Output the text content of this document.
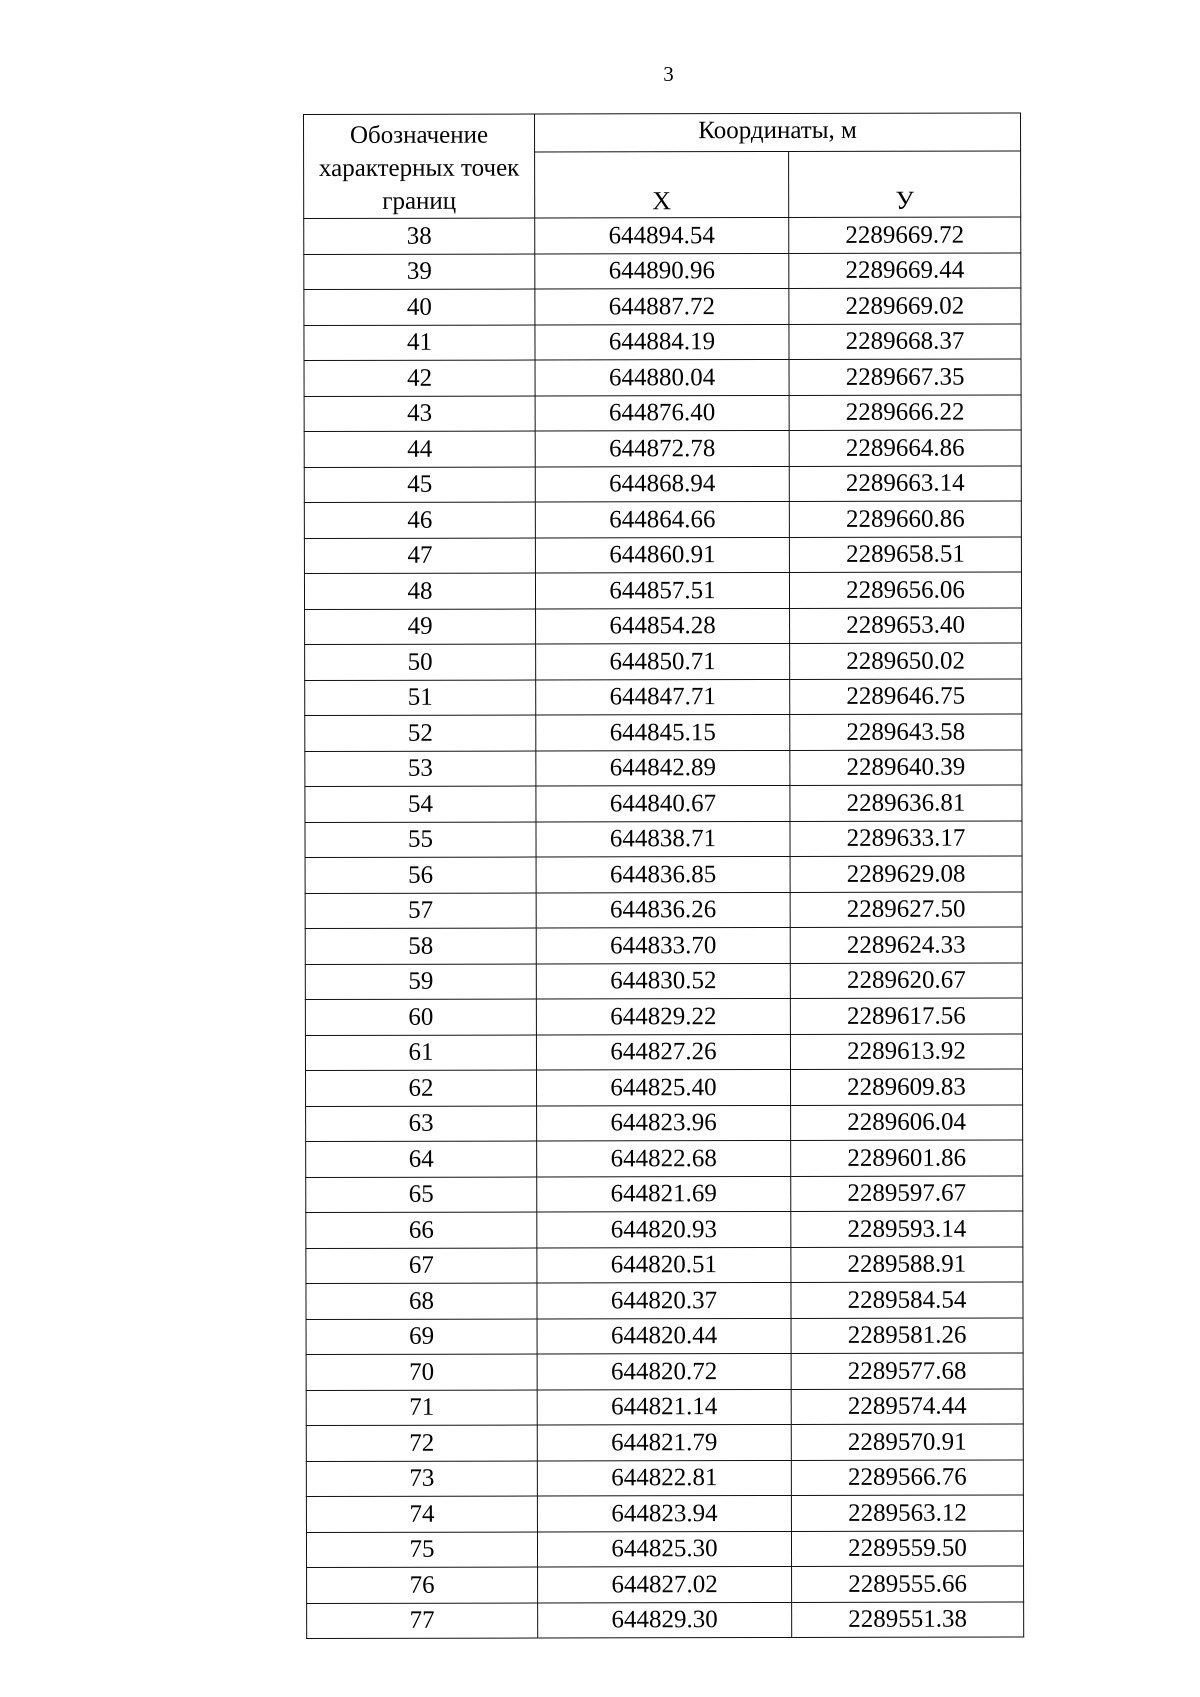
3
Обозначение характерных точек границ	Координаты, м	
	X	У
38	644894.54	2289669.72
39	644890.96	2289669.44
40	644887.72	2289669.02
41	644884.19	2289668.37
42	644880.04	2289667.35
43	644876.40	2289666.22
44	644872.78	2289664.86
45	644868.94	2289663.14
46	644864.66	2289660.86
47	644860.91	2289658.51
48	644857.51	2289656.06
49	644854.28	2289653.40
50	644850.71	2289650.02
51	644847.71	2289646.75
52	644845.15	2289643.58
53	644842.89	2289640.39
54	644840.67	2289636.81
55	644838.71	2289633.17
56	644836.85	2289629.08
57	644836.26	2289627.50
58	644833.70	2289624.33
59	644830.52	2289620.67
60	644829.22	2289617.56
61	644827.26	2289613.92
62	644825.40	2289609.83
63	644823.96	2289606.04
64	644822.68	2289601.86
65	644821.69	2289597.67
66	644820.93	2289593.14
67	644820.51	2289588.91
68	644820.37	2289584.54
69	644820.44	2289581.26
70	644820.72	2289577.68
71	644821.14	2289574.44
72	644821.79	2289570.91
73	644822.81	2289566.76
74	644823.94	2289563.12
75	644825.30	2289559.50
76	644827.02	2289555.66
77	644829.30	2289551.38
